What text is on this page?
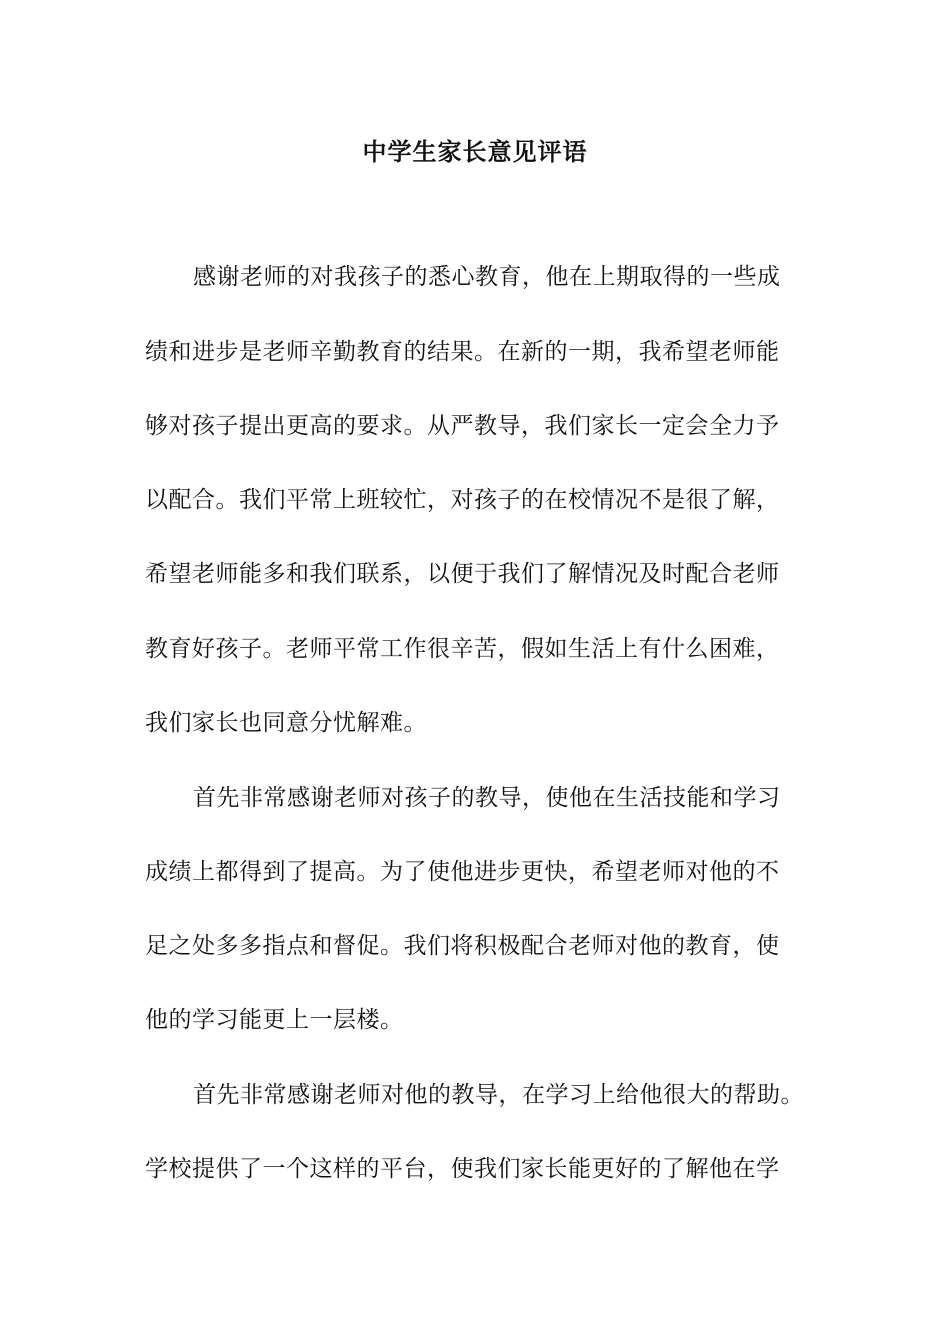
中学生家长意见评语
感谢老师的对我孩子的悉心教育，他在上期取得的一些成
绩和进步是老师辛勤教育的结果。在新的一期，我希望老师能
够对孩子提出更高的要求。从严教导，我们家长一定会全力予
以配合。我们平常上班较忙，对孩子的在校情况不是很了解，
希望老师能多和我们联系，以便于我们了解情况及时配合老师
教育好孩子。老师平常工作很辛苦，假如生活上有什么困难，
我们家长也同意分忧解难。
首先非常感谢老师对孩子的教导，使他在生活技能和学习
成绩上都得到了提高。为了使他进步更快，希望老师对他的不
足之处多多指点和督促。我们将积极配合老师对他的教育，使
他的学习能更上一层楼。
首先非常感谢老师对他的教导，在学习上给他很大的帮助。
学校提供了一个这样的平台，使我们家长能更好的了解他在学
